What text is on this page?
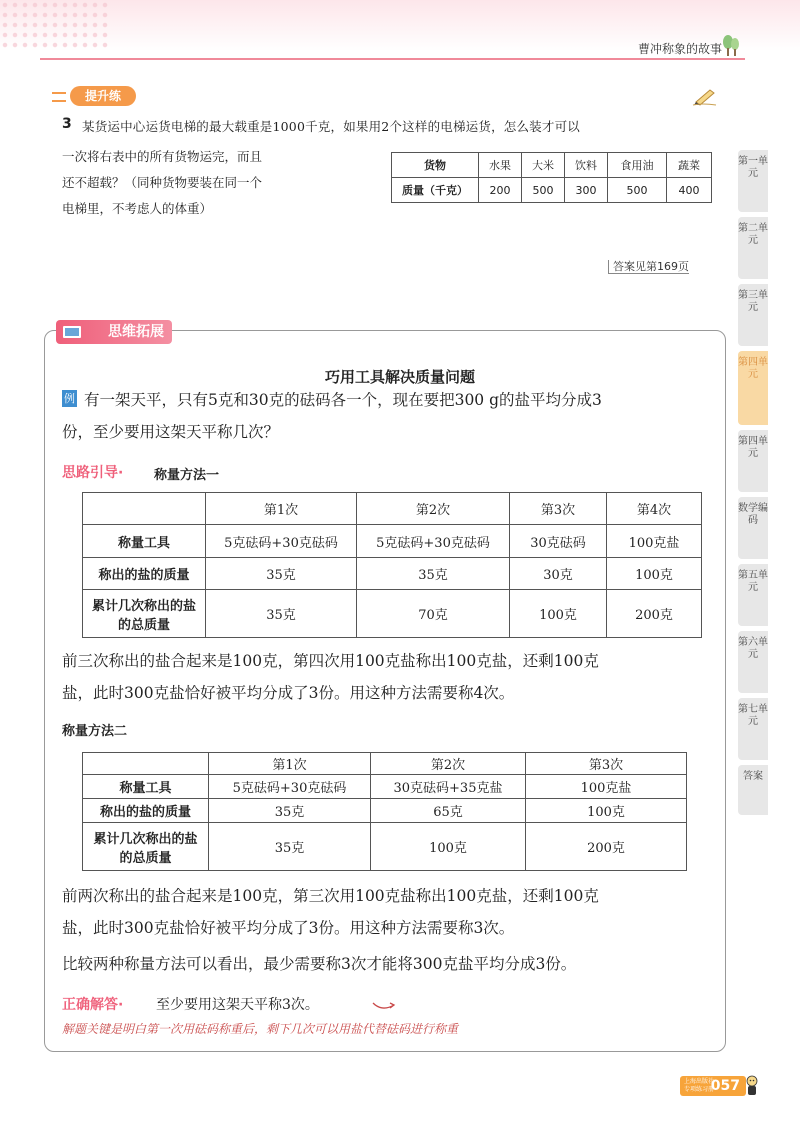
曹冲称象的故事
提升练
3 某货运中心运货电梯的最大载重是1000千克，如果用2个这样的电梯运货，怎么装才可以
一次将右表中的所有货物运完，而且
还不超载？（同种货物要装在同一个
电梯里，不考虑人的体重）
货物	水果	大米	饮料	食用油	蔬菜
质量（千克）	200	500	300	500	400
答案见第169页
思维拓展
巧用工具解决质量问题
例 有一架天平，只有5克和30克的砝码各一个，现在要把300 g的盐平均分成3
份，至少要用这架天平称几次？
思路引导· 称量方法一
	第1次	第2次	第3次	第4次
称量工具	5克砝码+30克砝码	5克砝码+30克砝码	30克砝码	100克盐
称出的盐的质量	35克	35克	30克	100克
累计几次称出的盐的总质量	35克	70克	100克	200克
前三次称出的盐合起来是100克，第四次用100克盐称出100克盐，还剩100克
盐，此时300克盐恰好被平均分成了3份。用这种方法需要称4次。
称量方法二
	第1次	第2次	第3次
称量工具	5克砝码+30克砝码	30克砝码+35克盐	100克盐
称出的盐的质量	35克	65克	100克
累计几次称出的盐的总质量	35克	100克	200克
前两次称出的盐合起来是100克，第三次用100克盐称出100克盐，还剩100克
盐，此时300克盐恰好被平均分成了3份。用这种方法需要称3次。
比较两种称量方法可以看出，最少需要称3次才能将300克盐平均分成3份。
正确解答· 至少要用这架天平称3次。
解题关键是明白第一次用砝码称重后，剩下几次可以用盐代替砝码进行称重
第一单元
第二单元
第三单元
第四单元
第四单元
数学编码
第五单元
第六单元
第七单元
答案
057
上海出版社 专项练习册
